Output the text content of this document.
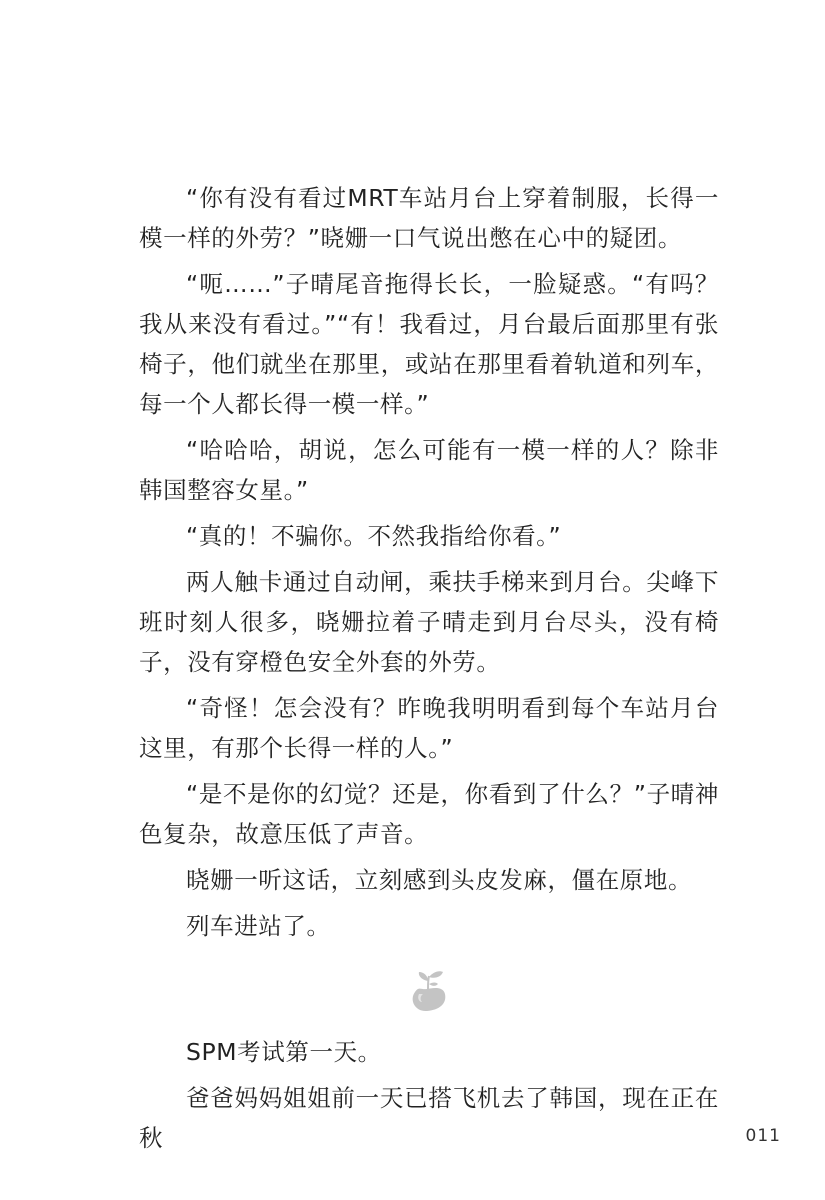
“你有没有看过MRT车站月台上穿着制服，长得一模一样的外劳？”晓姗一口气说出憋在心中的疑团。

“呃……”子晴尾音拖得长长，一脸疑惑。“有吗？我从来没有看过。”“有！我看过，月台最后面那里有张椅子，他们就坐在那里，或站在那里看着轨道和列车，每一个人都长得一模一样。”

“哈哈哈，胡说，怎么可能有一模一样的人？除非韩国整容女星。”

“真的！不骗你。不然我指给你看。”

两人触卡通过自动闸，乘扶手梯来到月台。尖峰下班时刻人很多，晓姗拉着子晴走到月台尽头，没有椅子，没有穿橙色安全外套的外劳。

“奇怪！怎会没有？昨晚我明明看到每个车站月台这里，有那个长得一样的人。”

“是不是你的幻觉？还是，你看到了什么？”子晴神色复杂，故意压低了声音。

晓姗一听这话，立刻感到头皮发麻，僵在原地。

列车进站了。

SPM考试第一天。

爸爸妈妈姐姐前一天已搭飞机去了韩国，现在正在秋	011
